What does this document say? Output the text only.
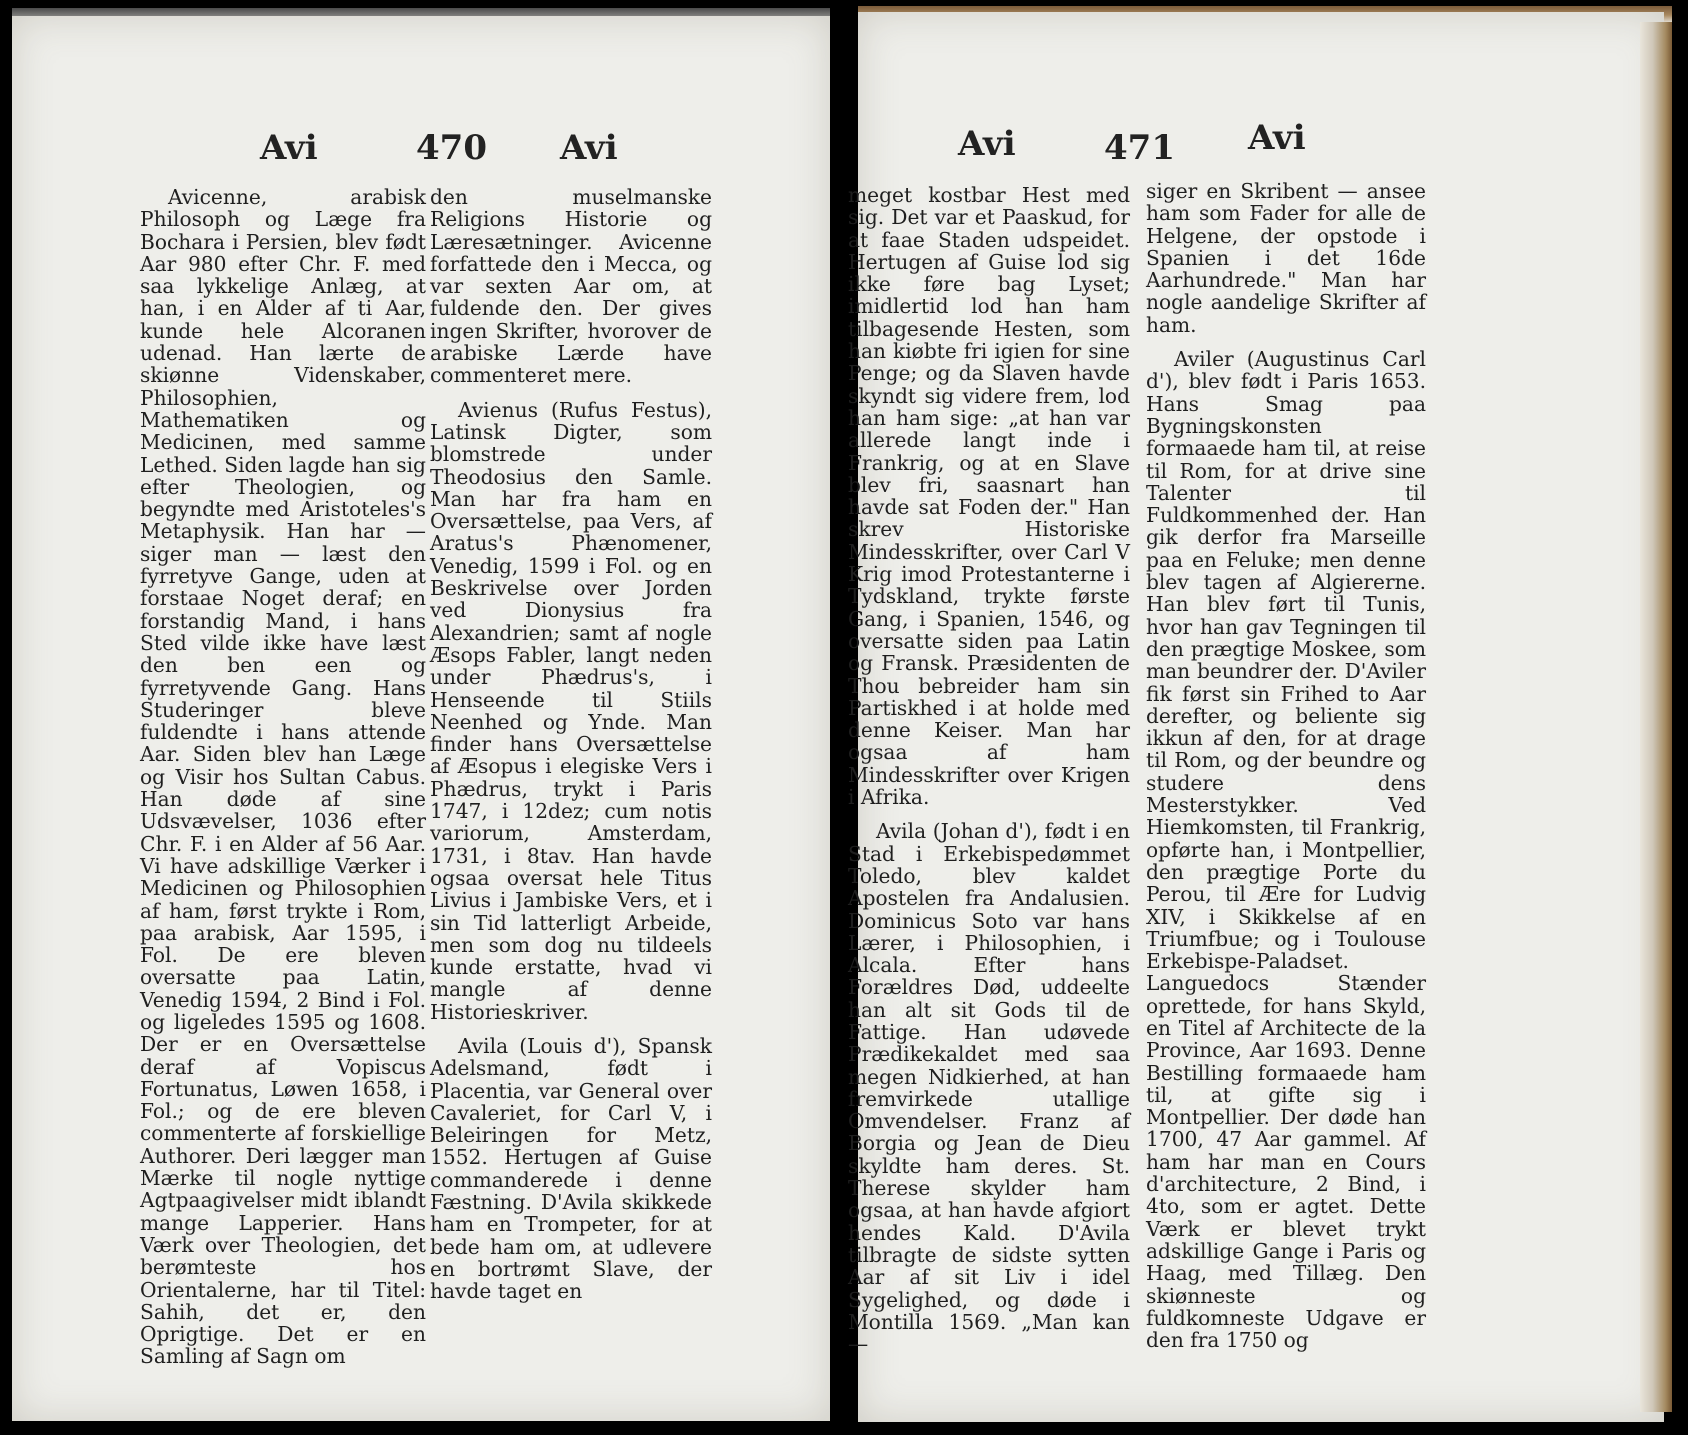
Avi	470 Avi

Avicenne, arabisk Philosoph og Læge fra Bochara i Persien, blev født Aar 980 efter Chr. F. med saa lykkelige Anlæg, at han, i en Alder af ti Aar, kunde hele Alcoranen udenad. Han lærte de skiønne Videnskaber, Philosophien, Mathematiken og Medicinen, med samme Lethed. Siden lagde han sig efter Theologien, og begyndte med Aristoteles's Metaphysik. Han har — siger man — læst den fyrretyve Gange, uden at forstaae Noget deraf; en forstandig Mand, i hans Sted vilde ikke have læst den ben een og fyrretyvende Gang. Hans Studeringer bleve fuldendte i hans attende Aar. Siden blev han Læge og Visir hos Sultan Cabus. Han døde af sine Udsvævelser, 1036 efter Chr. F. i en Alder af 56 Aar. Vi have adskillige Værker i Medicinen og Philosophien af ham, først trykte i Rom, paa arabisk, Aar 1595, i Fol. De ere bleven oversatte paa Latin, Venedig 1594, 2 Bind i Fol. og ligeledes 1595 og 1608. Der er en Oversættelse deraf af Vopiscus Fortunatus, Løwen 1658, i Fol.; og de ere bleven commenterte af forskiellige Authorer. Deri lægger man Mærke til nogle nyttige Agtpaagivelser midt iblandt mange Lapperier. Hans Værk over Theologien, det berømteste hos Orientalerne, har til Titel: Sahih, det er, den Oprigtige. Det er en Samling af Sagn om

den muselmanske Religions Historie og Læresætninger. Avicenne forfattede den i Mecca, og var sexten Aar om, at fuldende den. Der gives ingen Skrifter, hvorover de arabiske Lærde have commenteret mere.

Avienus (Rufus Festus), Latinsk Digter, som blomstrede under Theodosius den Samle. Man har fra ham en Oversættelse, paa Vers, af Aratus's Phænomener, Venedig, 1599 i Fol. og en Beskrivelse over Jorden ved Dionysius fra Alexandrien; samt af nogle Æsops Fabler, langt neden under Phædrus's, i Henseende til Stiils Neenhed og Ynde. Man finder hans Oversættelse af Æsopus i elegiske Vers i Phædrus, trykt i Paris 1747, i 12dez; cum notis variorum, Amsterdam, 1731, i 8tav. Han havde ogsaa oversat hele Titus Livius i Jambiske Vers, et i sin Tid latterligt Arbeide, men som dog nu tildeels kunde erstatte, hvad vi mangle af denne Historieskriver.

Avila (Louis d'), Spansk Adelsmand, født i Placentia, var General over Cavaleriet, for Carl V, i Beleiringen for Metz, 1552. Hertugen af Guise commanderede i denne Fæstning. D'Avila skikkede ham en Trompeter, for at bede ham om, at udlevere en bortrømt Slave, der havde taget en

Avi	471 Avi

meget kostbar Hest med sig. Det var et Paaskud, for at faae Staden udspeidet. Hertugen af Guise lod sig ikke føre bag Lyset; imidlertid lod han ham tilbagesende Hesten, som han kiøbte fri igien for sine Penge; og da Slaven havde skyndt sig videre frem, lod han ham sige: „at han var allerede langt inde i Frankrig, og at en Slave blev fri, saasnart han havde sat Foden der." Han skrev Historiske Mindesskrifter, over Carl V Krig imod Protestanterne i Tydskland, trykte første Gang, i Spanien, 1546, og oversatte siden paa Latin og Fransk. Præsidenten de Thou bebreider ham sin Partiskhed i at holde med denne Keiser. Man har ogsaa af ham Mindesskrifter over Krigen i Afrika.

Avila (Johan d'), født i en Stad i Erkebispedømmet Toledo, blev kaldet Apostelen fra Andalusien. Dominicus Soto var hans Lærer, i Philosophien, i Alcala. Efter hans Forældres Død, uddeelte han alt sit Gods til de Fattige. Han udøvede Prædikekaldet med saa megen Nidkierhed, at han fremvirkede utallige Omvendelser. Franz af Borgia og Jean de Dieu skyldte ham deres. St. Therese skylder ham ogsaa, at han havde afgiort hendes Kald. D'Avila tilbragte de sidste sytten Aar af sit Liv i idel Sygelighed, og døde i Montilla 1569. „Man kan —

siger en Skribent — ansee ham som Fader for alle de Helgene, der opstode i Spanien i det 16de Aarhundrede." Man har nogle aandelige Skrifter af ham.

Aviler (Augustinus Carl d'), blev født i Paris 1653. Hans Smag paa Bygningskonsten formaaede ham til, at reise til Rom, for at drive sine Talenter til Fuldkommenhed der. Han gik derfor fra Marseille paa en Feluke; men denne blev tagen af Algiererne. Han blev ført til Tunis, hvor han gav Tegningen til den prægtige Moskee, som man beundrer der. D'Aviler fik først sin Frihed to Aar derefter, og beliente sig ikkun af den, for at drage til Rom, og der beundre og studere dens Mesterstykker. Ved Hiemkomsten, til Frankrig, opførte han, i Montpellier, den prægtige Porte du Perou, til Ære for Ludvig XIV, i Skikkelse af en Triumfbue; og i Toulouse Erkebispe-Paladset. Languedocs Stænder oprettede, for hans Skyld, en Titel af Architecte de la Province, Aar 1693. Denne Bestilling formaaede ham til, at gifte sig i Montpellier. Der døde han 1700, 47 Aar gammel. Af ham har man en Cours d'architecture, 2 Bind, i 4to, som er agtet. Dette Værk er blevet trykt adskillige Gange i Paris og Haag, med Tillæg. Den skiønneste og fuldkomneste Udgave er den fra 1750 og
